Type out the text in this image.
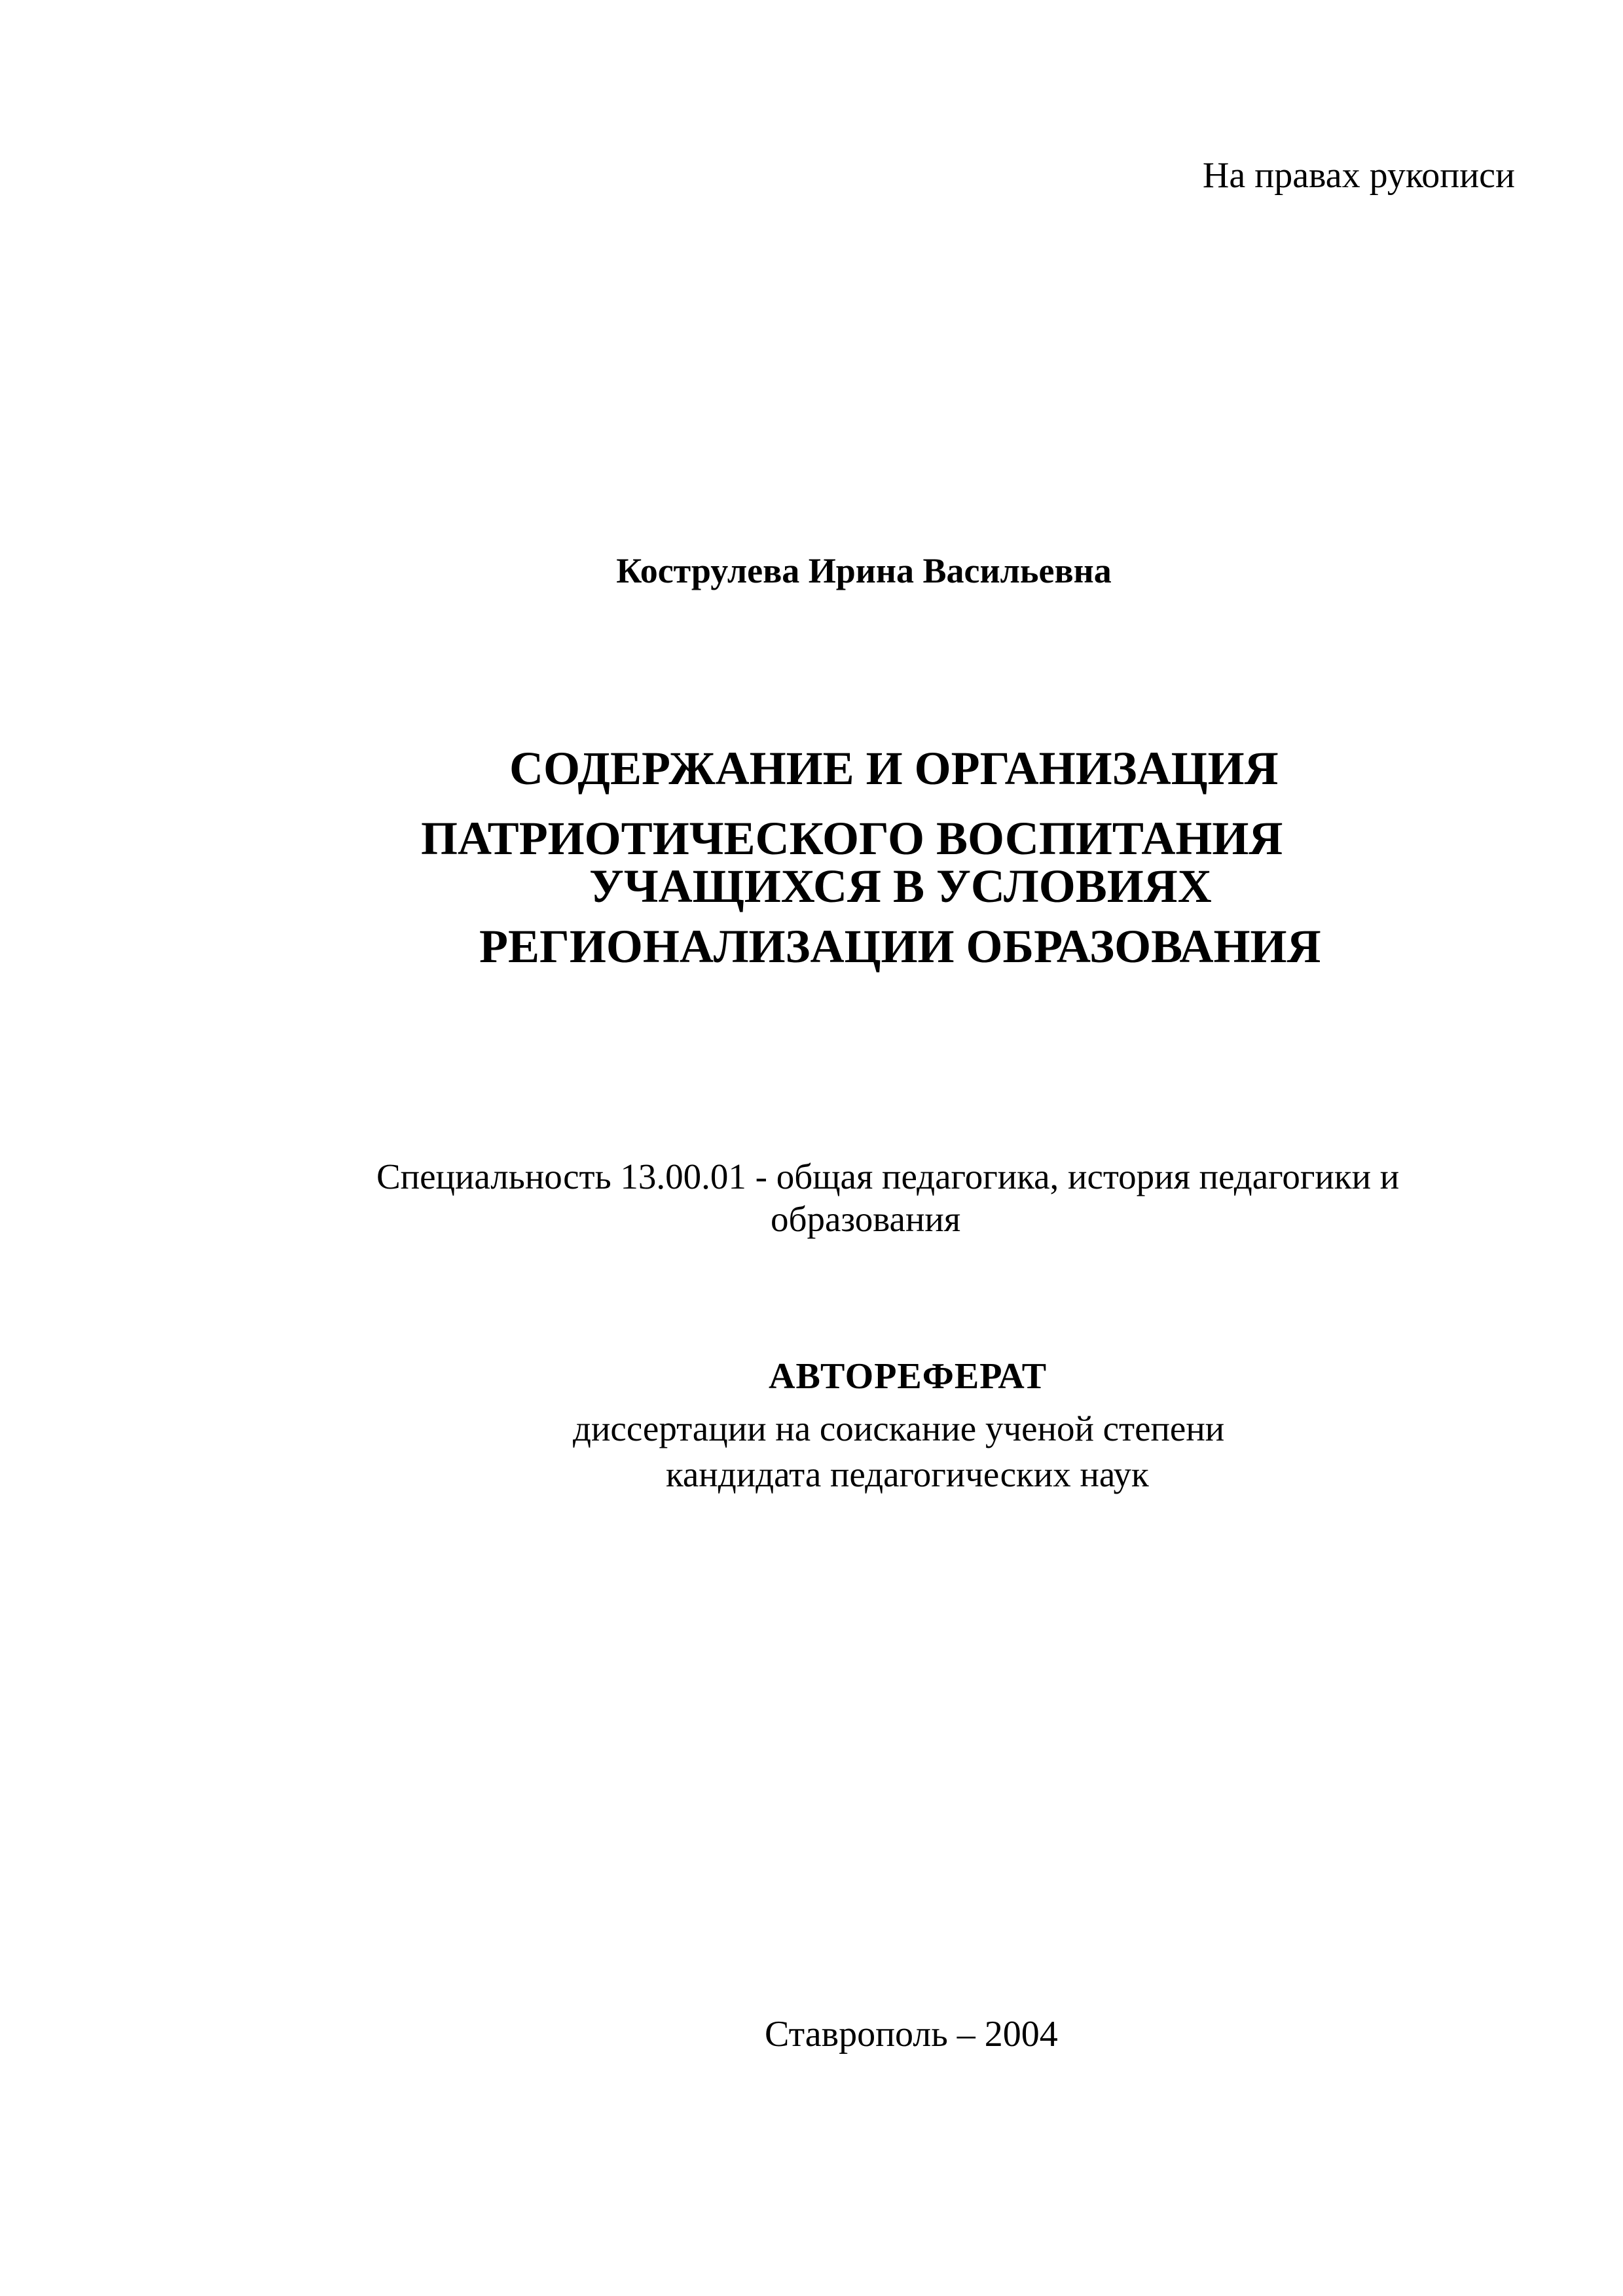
На правах рукописи
Кострулева Ирина Васильевна
СОДЕРЖАНИЕ И ОРГАНИЗАЦИЯ
ПАТРИОТИЧЕСКОГО ВОСПИТАНИЯ
УЧАЩИХСЯ В УСЛОВИЯХ
РЕГИОНАЛИЗАЦИИ ОБРАЗОВАНИЯ
Специальность 13.00.01 - общая педагогика, история педагогики и
образования
АВТОРЕФЕРАТ
диссертации на соискание ученой степени
кандидата педагогических наук
Ставрополь – 2004
